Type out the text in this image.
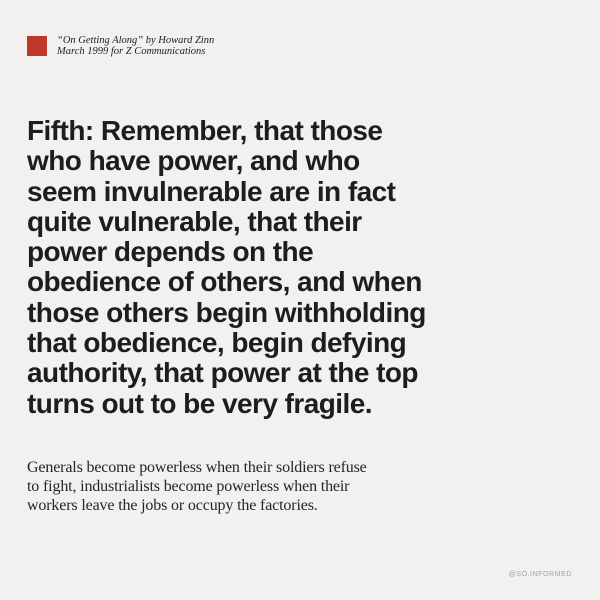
“On Getting Along” by Howard Zinn
March 1999 for Z Communications
Fifth: Remember, that those
who have power, and who
seem invulnerable are in fact
quite vulnerable, that their
power depends on the
obedience of others, and when
those others begin withholding
that obedience, begin defying
authority, that power at the top
turns out to be very fragile.
Generals become powerless when their soldiers refuse
to fight, industrialists become powerless when their
workers leave the jobs or occupy the factories.
@SO.INFORMED
